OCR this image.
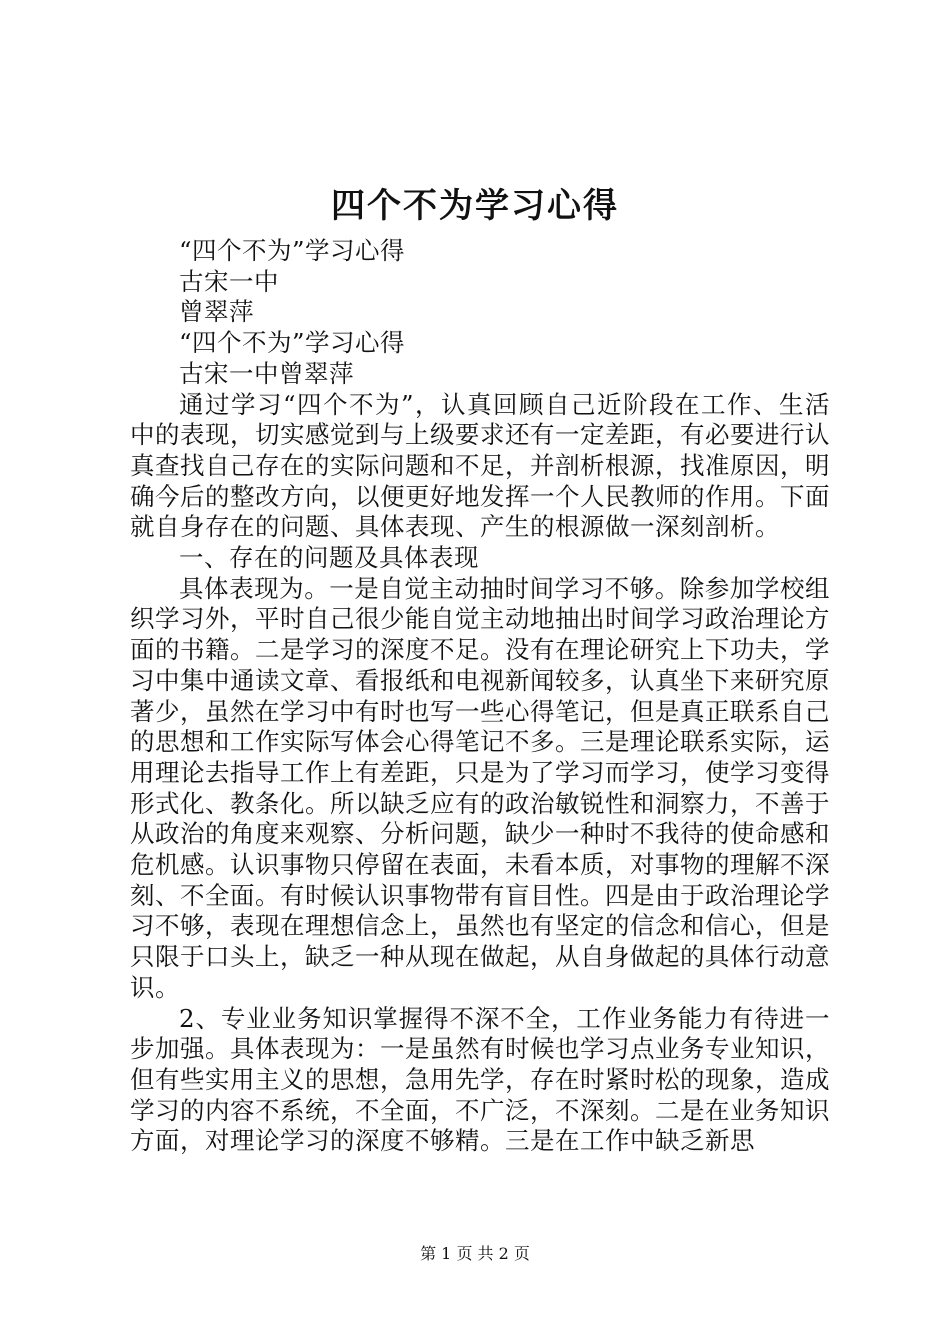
四个不为学习心得

“四个不为”学习心得

古宋一中

曾翠萍

“四个不为”学习心得

古宋一中曾翠萍

通过学习“四个不为”，认真回顾自己近阶段在工作、生活中的表现，切实感觉到与上级要求还有一定差距，有必要进行认真查找自己存在的实际问题和不足，并剖析根源，找准原因，明确今后的整改方向，以便更好地发挥一个人民教师的作用。下面就自身存在的问题、具体表现、产生的根源做一深刻剖析。

一、存在的问题及具体表现

具体表现为。一是自觉主动抽时间学习不够。除参加学校组织学习外，平时自己很少能自觉主动地抽出时间学习政治理论方面的书籍。二是学习的深度不足。没有在理论研究上下功夫，学习中集中通读文章、看报纸和电视新闻较多，认真坐下来研究原著少，虽然在学习中有时也写一些心得笔记，但是真正联系自己的思想和工作实际写体会心得笔记不多。三是理论联系实际，运用理论去指导工作上有差距，只是为了学习而学习，使学习变得形式化、教条化。所以缺乏应有的政治敏锐性和洞察力，不善于从政治的角度来观察、分析问题，缺少一种时不我待的使命感和危机感。认识事物只停留在表面，未看本质，对事物的理解不深刻、不全面。有时候认识事物带有盲目性。四是由于政治理论学习不够，表现在理想信念上，虽然也有坚定的信念和信心，但是只限于口头上，缺乏一种从现在做起，从自身做起的具体行动意识。

2、专业业务知识掌握得不深不全，工作业务能力有待进一步加强。具体表现为：一是虽然有时候也学习点业务专业知识，但有些实用主义的思想，急用先学，存在时紧时松的现象，造成学习的内容不系统，不全面，不广泛，不深刻。二是在业务知识方面，对理论学习的深度不够精。三是在工作中缺乏新思

第 1 页 共 2 页
